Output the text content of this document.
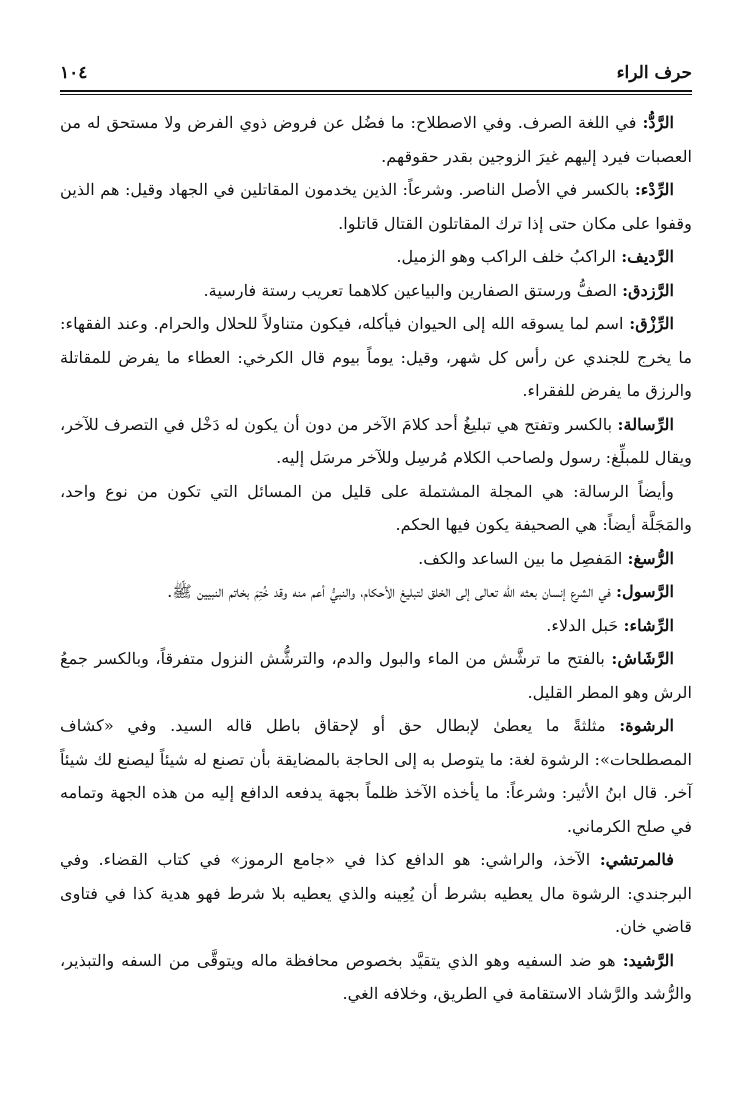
حرف الراء
١٠٤

الرَّدُّ: في اللغة الصرف. وفي الاصطلاح: ما فضُل عن فروض ذوي الفرض ولا مستحق له من العصبات فيرد إليهم غيرَ الزوجين بقدر حقوقهم.

الرِّدْء: بالكسر في الأصل الناصر. وشرعاً: الذين يخدمون المقاتلين في الجهاد وقيل: هم الذين وقفوا على مكان حتى إذا ترك المقاتلون القتال قاتلوا.

الرَّديف: الراكبُ خلف الراكب وهو الزميل.

الرَّزدق: الصفُّ ورستق الصفارين والبياعين كلاهما تعريب رستة فارسية.

الرِّزْق: اسم لما يسوقه الله إلى الحيوان فيأكله، فيكون متناولاً للحلال والحرام. وعند الفقهاء: ما يخرج للجندي عن رأس كل شهر، وقيل: يوماً بيوم قال الكرخي: العطاء ما يفرض للمقاتلة والرزق ما يفرض للفقراء.

الرِّسالة: بالكسر وتفتح هي تبليغُ أحد كلامَ الآخر من دون أن يكون له دَخْل في التصرف للآخر، ويقال للمبلِّغ: رسول ولصاحب الكلام مُرسِل وللآخر مرسَل إليه.

وأيضاً الرسالة: هي المجلة المشتملة على قليل من المسائل التي تكون من نوع واحد، والمَجَلَّة أيضاً: هي الصحيفة يكون فيها الحكم.

الرُّسغ: المَفصِل ما بين الساعد والكف.

الرَّسول: في الشرع إنسان بعثه الله تعالى إلى الخلق لتبليغ الأحكام، والنبيُّ أعم منه وقد خُتِمَ بخاتم النبيين ﷺ.

الرِّشاء: حَبل الدلاء.

الرَّشَاش: بالفتح ما ترشَّش من الماء والبول والدم، والترشُّش النزول متفرقاً، وبالكسر جمعُ الرش وهو المطر القليل.

الرشوة: مثلثةً ما يعطىٰ لإبطال حق أو لإحقاق باطل قاله السيد. وفي «كشاف المصطلحات»: الرشوة لغة: ما يتوصل به إلى الحاجة بالمضايقة بأن تصنع له شيئاً ليصنع لك شيئاً آخر. قال ابنُ الأثير: وشرعاً: ما يأخذه الآخذ ظلماً بجهة يدفعه الدافع إليه من هذه الجهة وتمامه في صلح الكرماني.

فالمرتشي: الآخذ، والراشي: هو الدافع كذا في «جامع الرموز» في كتاب القضاء. وفي البرجندي: الرشوة مال يعطيه بشرط أن يُعِينه والذي يعطيه بلا شرط فهو هدية كذا في فتاوى قاضي خان.

الرَّشيد: هو ضد السفيه وهو الذي يتقيَّد بخصوص محافظة ماله ويتوقَّى من السفه والتبذير، والرُّشد والرَّشاد الاستقامة في الطريق، وخلافه الغي.
